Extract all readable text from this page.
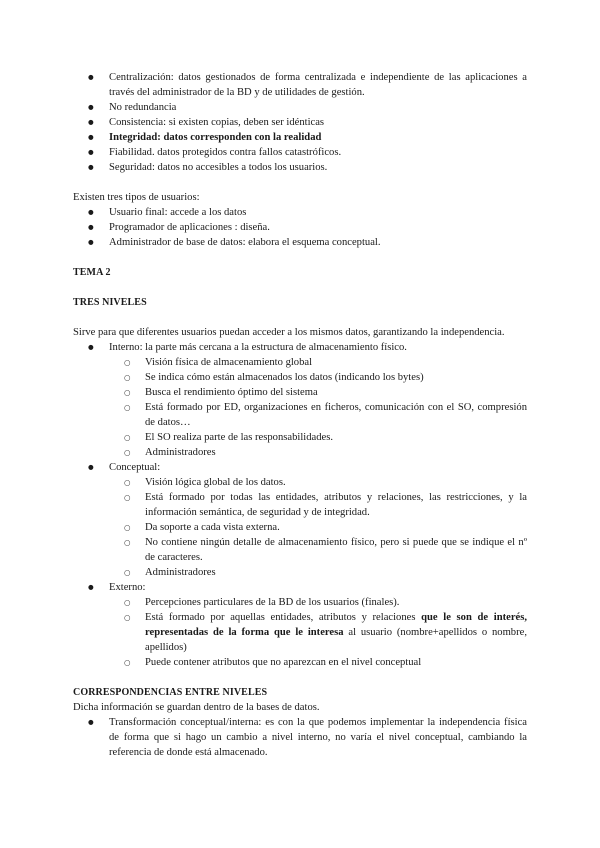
● Centralización: datos gestionados de forma centralizada e independiente de las aplicaciones a través del administrador de la BD y de utilidades de gestión.
● No redundancia
● Consistencia: si existen copias, deben ser idénticas
● Integridad: datos corresponden con la realidad
● Fiabilidad. datos protegidos contra fallos catastróficos.
● Seguridad: datos no accesibles a todos los usuarios.

Existen tres tipos de usuarios:

● Usuario final: accede a los datos
● Programador de aplicaciones : diseña.
● Administrador de base de datos: elabora el esquema conceptual.

TEMA 2

TRES NIVELES

Sirve para que diferentes usuarios puedan acceder a los mismos datos, garantizando la independencia.

● Interno: la parte más cercana a la estructura de almacenamiento físico.
○ Visión física de almacenamiento global
○ Se indica cómo están almacenados los datos (indicando los bytes)
○ Busca el rendimiento óptimo del sistema
○ Está formado por ED, organizaciones en ficheros, comunicación con el SO, compresión de datos…
○ El SO realiza parte de las responsabilidades.
○ Administradores
● Conceptual:
○ Visión lógica global de los datos.
○ Está formado por todas las entidades, atributos y relaciones, las restricciones, y la información semántica, de seguridad y de integridad.
○ Da soporte a cada vista externa.
○ No contiene ningún detalle de almacenamiento físico, pero si puede que se indique el nº de caracteres.
○ Administradores
● Externo:
○ Percepciones particulares de la BD de los usuarios (finales).
○ Está formado por aquellas entidades, atributos y relaciones que le son de interés, representadas de la forma que le interesa al usuario (nombre+apellidos o nombre, apellidos)
○ Puede contener atributos que no aparezcan en el nivel conceptual

CORRESPONDENCIAS ENTRE NIVELES

Dicha información se guardan dentro de la bases de datos.

● Transformación conceptual/interna: es con la que podemos implementar la independencia física de forma que si hago un cambio a nivel interno, no varía el nivel conceptual, cambiando la referencia de donde está almacenado.
